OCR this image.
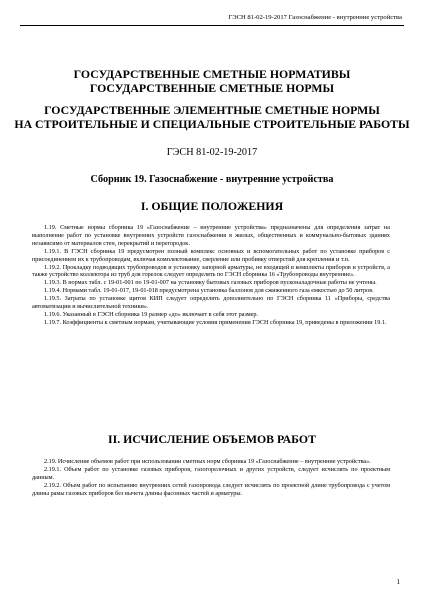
ГЭСН 81-02-19-2017 Газоснабжение - внутренние устройства
ГОСУДАРСТВЕННЫЕ СМЕТНЫЕ НОРМАТИВЫ
ГОСУДАРСТВЕННЫЕ СМЕТНЫЕ НОРМЫ
ГОСУДАРСТВЕННЫЕ ЭЛЕМЕНТНЫЕ СМЕТНЫЕ НОРМЫ
НА СТРОИТЕЛЬНЫЕ И СПЕЦИАЛЬНЫЕ СТРОИТЕЛЬНЫЕ РАБОТЫ
ГЭСН 81-02-19-2017
Сборник 19. Газоснабжение - внутренние устройства
I. ОБЩИЕ ПОЛОЖЕНИЯ

1.19. Сметные нормы сборника 19 «Газоснабжение – внутренние устройства» предназначены для определения затрат на выполнение работ по установке внутренних устройств газоснабжения в жилых, общественных и коммунально-бытовых зданиях независимо от материалов стен, перекрытий и перегородок.

1.19.1. В ГЭСН сборника 19 предусмотрен полный комплекс основных и вспомогательных работ по установке приборов с присоединением их к трубопроводам, включая комплектование, сверление или пробивку отверстий для крепления и т.п.

1.19.2. Прокладку подводящих трубопроводов и установку запорной арматуры, не входящей в комплекты приборов и устройств, а также устройство коллектора из труб для горелок следует определять по ГЭСН сборника 16 «Трубопроводы внутренние».

1.19.3. В нормах табл. с 19-01-001 по 19-01-007 на установку бытовых газовых приборов пусконаладочные работы не учтены.

1.19.4. Нормами табл. 19-01-017, 19-01-018 предусмотрена установка баллонов для сжиженного газа емкостью до 50 литров.

1.19.5. Затраты по установке щитов КИП следует определять дополнительно по ГЭСН сборника 11 «Приборы, средства автоматизации и вычислительной техники».

1.19.6. Указанный в ГЭСН сборника 19 размер «до» включает в себя этот размер.

1.19.7. Коэффициенты к сметным нормам, учитывающие условия применения ГЭСН сборника 19, приведены в приложении 19.1.

II. ИСЧИСЛЕНИЕ ОБЪЕМОВ РАБОТ

2.19. Исчисление объемов работ при использовании сметных норм сборника 19 «Газоснабжение – внутренние устройства».

2.19.1. Объем работ по установке газовых приборов, газогорелочных и других устройств, следует исчислять по проектным данным.

2.19.2. Объем работ по испытанию внутренних сетей газопровода следует исчислять по проектной длине трубопровода с учетом длины рамы газовых приборов без вычета длины фасонных частей и арматуры.

1
